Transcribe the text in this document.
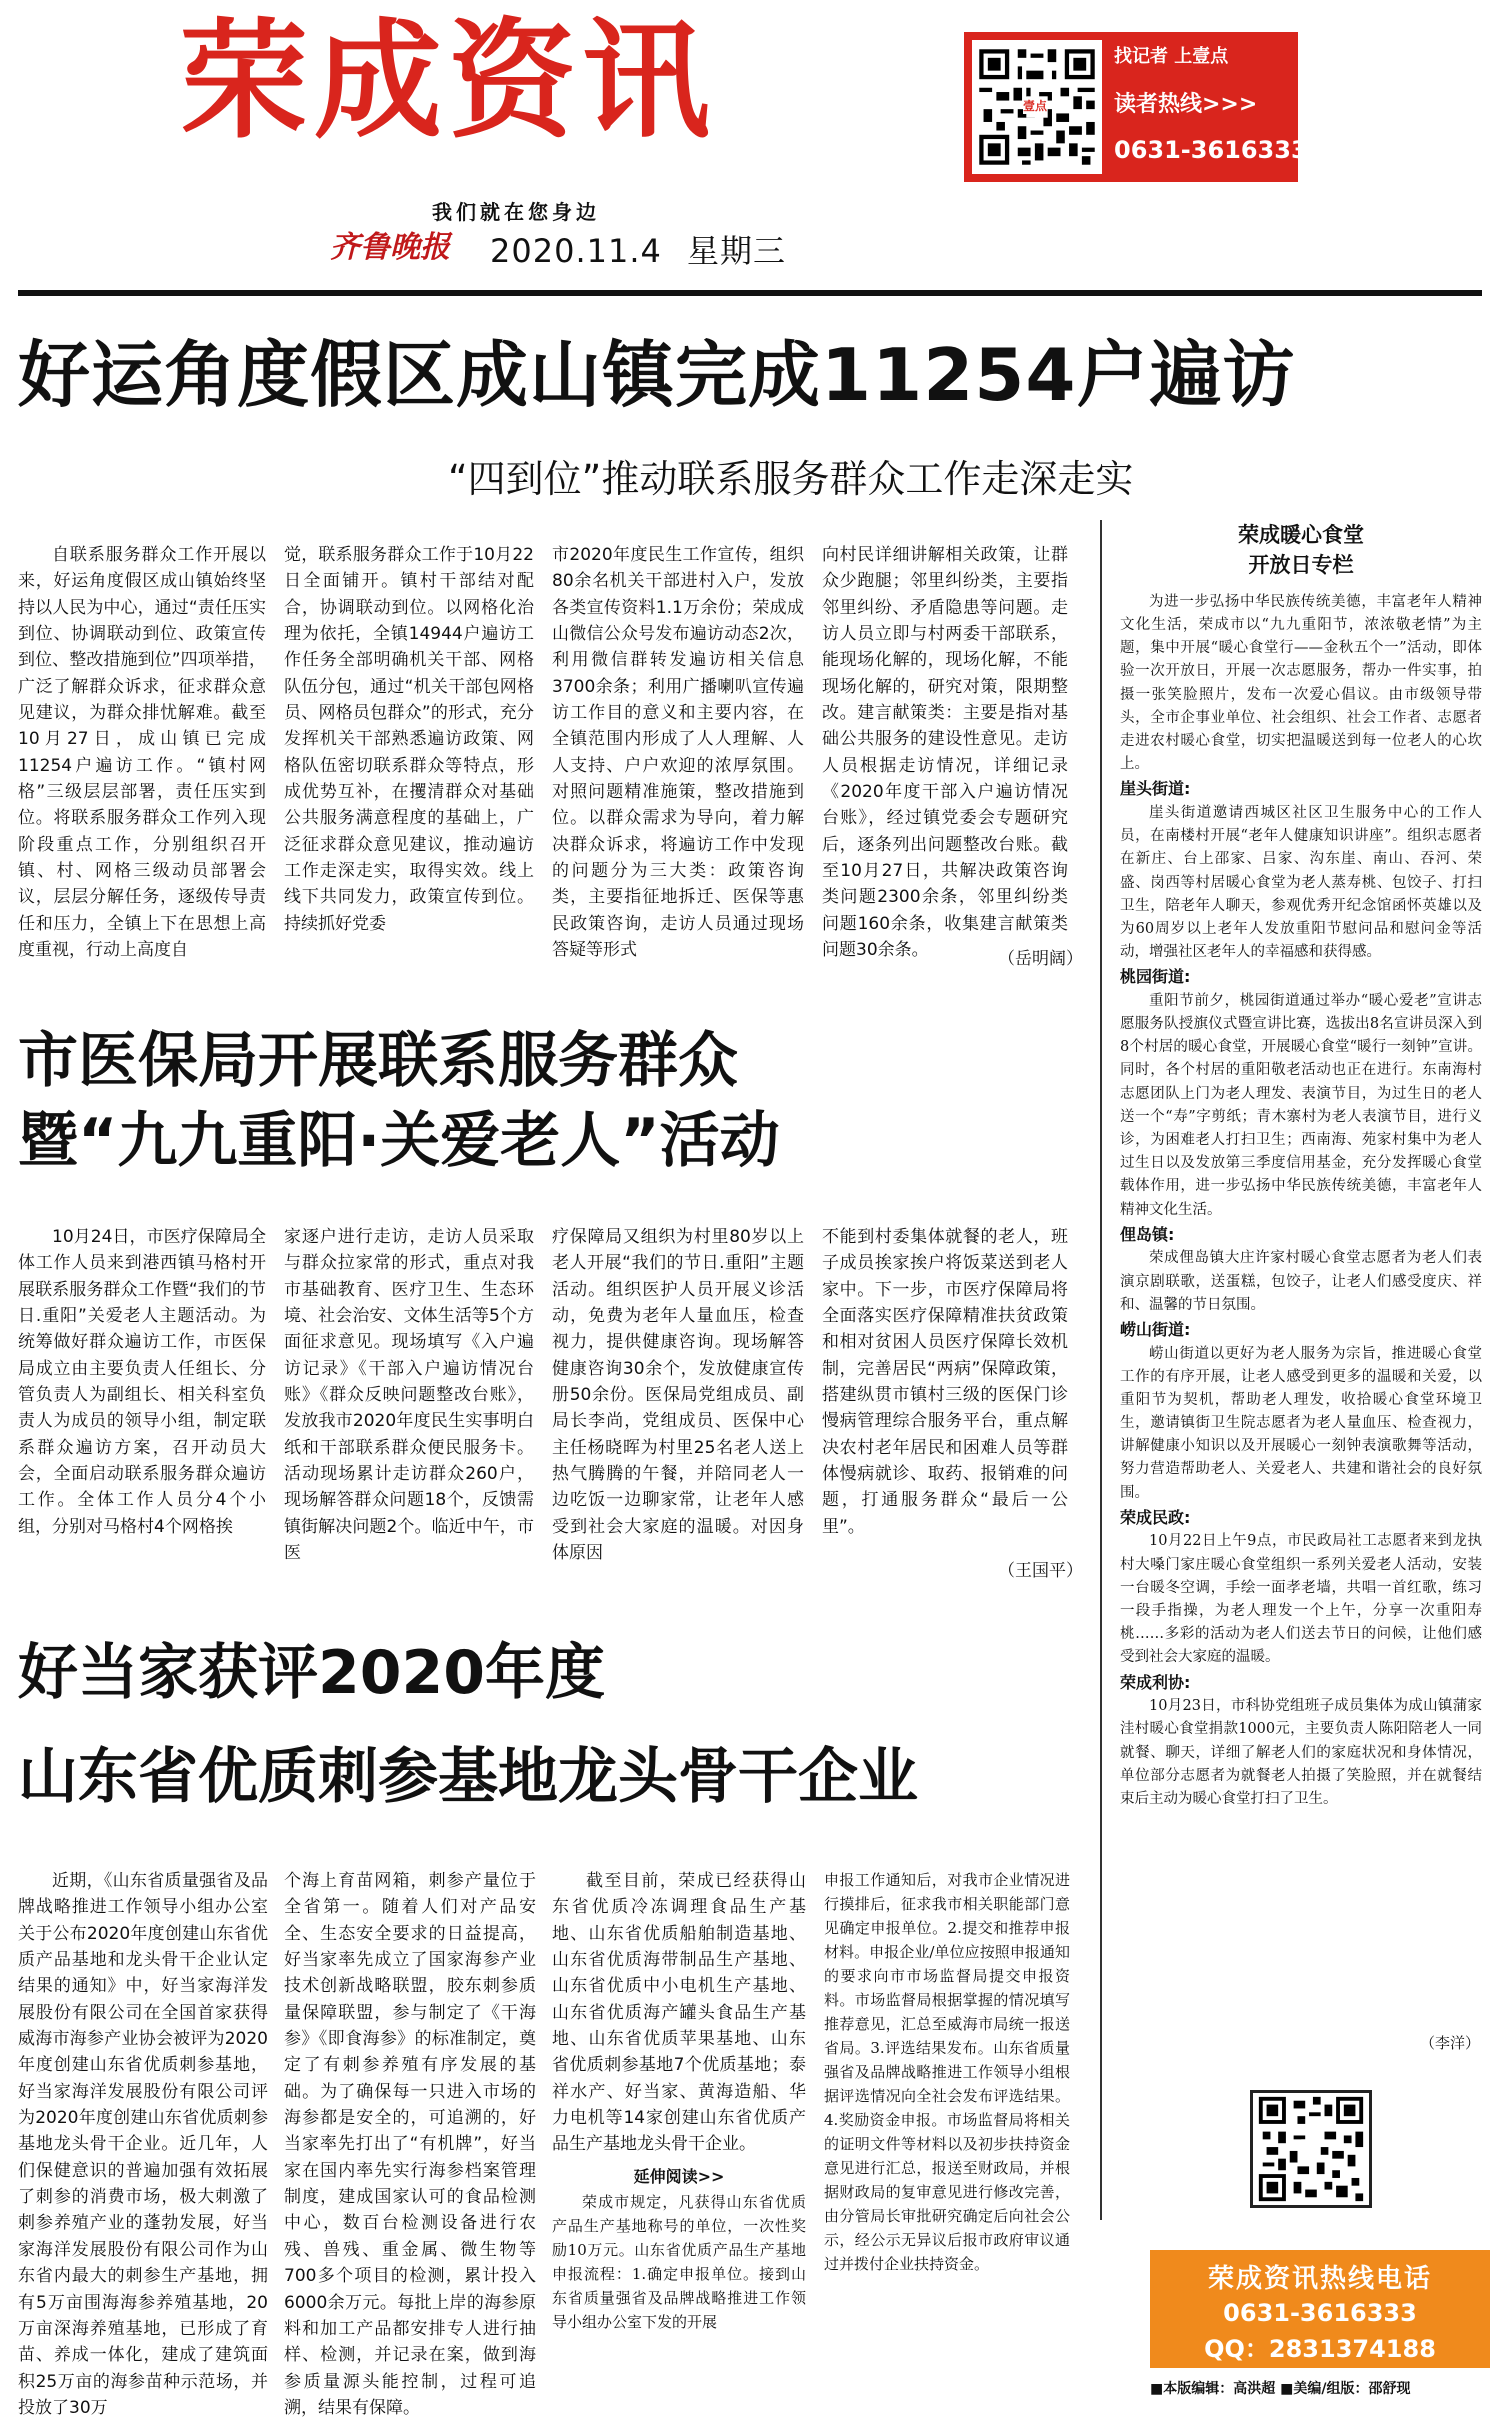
荣成资讯
我们就在您身边
齐鲁晚报 2020.11.4 星期三
壹点
找记者 上壹点
读者热线>>>
0631-3616333
好运角度假区成山镇完成11254户遍访
“四到位”推动联系服务群众工作走深走实

自联系服务群众工作开展以来，好运角度假区成山镇始终坚持以人民为中心，通过“责任压实到位、协调联动到位、政策宣传到位、整改措施到位”四项举措，广泛了解群众诉求，征求群众意见建议，为群众排忧解难。截至10月27日，成山镇已完成11254户遍访工作。“镇村网格”三级层层部署，责任压实到位。将联系服务群众工作列入现阶段重点工作，分别组织召开镇、村、网格三级动员部署会议，层层分解任务，逐级传导责任和压力，全镇上下在思想上高度重视，行动上高度自

觉，联系服务群众工作于10月22日全面铺开。镇村干部结对配合，协调联动到位。以网格化治理为依托，全镇14944户遍访工作任务全部明确机关干部、网格队伍分包，通过“机关干部包网格员、网格员包群众”的形式，充分发挥机关干部熟悉遍访政策、网格队伍密切联系群众等特点，形成优势互补，在攫清群众对基础公共服务满意程度的基础上，广泛征求群众意见建议，推动遍访工作走深走实，取得实效。线上线下共同发力，政策宣传到位。持续抓好党委

市2020年度民生工作宣传，组织80余名机关干部进村入户，发放各类宣传资料1.1万余份；荣成成山微信公众号发布遍访动态2次，利用微信群转发遍访相关信息3700余条；利用广播喇叭宣传遍访工作目的意义和主要内容，在全镇范围内形成了人人理解、人人支持、户户欢迎的浓厚氛围。对照问题精准施策，整改措施到位。以群众需求为导向，着力解决群众诉求，将遍访工作中发现的问题分为三大类：政策咨询类，主要指征地拆迁、医保等惠民政策咨询，走访人员通过现场答疑等形式

向村民详细讲解相关政策，让群众少跑腿；邻里纠纷类，主要指邻里纠纷、矛盾隐患等问题。走访人员立即与村两委干部联系，能现场化解的，现场化解，不能现场化解的，研究对策，限期整改。建言献策类：主要是指对基础公共服务的建设性意见。走访人员根据走访情况，详细记录《2020年度干部入户遍访情况台账》，经过镇党委会专题研究后，逐条列出问题整改台账。截至10月27日，共解决政策咨询类问题2300余条，邻里纠纷类问题160余条，收集建言献策类问题30余条。	（岳明阔）
市医保局开展联系服务群众
暨“九九重阳·关爱老人”活动

10月24日，市医疗保障局全体工作人员来到港西镇马格村开展联系服务群众工作暨“我们的节日.重阳”关爱老人主题活动。为统筹做好群众遍访工作，市医保局成立由主要负责人任组长、分管负责人为副组长、相关科室负责人为成员的领导小组，制定联系群众遍访方案，召开动员大会，全面启动联系服务群众遍访工作。全体工作人员分4个小组，分别对马格村4个网格挨

家逐户进行走访，走访人员采取与群众拉家常的形式，重点对我市基础教育、医疗卫生、生态环境、社会治安、文体生活等5个方面征求意见。现场填写《入户遍访记录》《干部入户遍访情况台账》《群众反映问题整改台账》，发放我市2020年度民生实事明白纸和干部联系群众便民服务卡。活动现场累计走访群众260户，现场解答群众问题18个，反馈需镇街解决问题2个。临近中午，市医

疗保障局又组织为村里80岁以上老人开展“我们的节日.重阳”主题活动。组织医护人员开展义诊活动，免费为老年人量血压，检查视力，提供健康咨询。现场解答健康咨询30余个，发放健康宣传册50余份。医保局党组成员、副局长李尚，党组成员、医保中心主任杨晓晖为村里25名老人送上热气腾腾的午餐，并陪同老人一边吃饭一边聊家常，让老年人感受到社会大家庭的温暖。对因身体原因

不能到村委集体就餐的老人，班子成员挨家挨户将饭菜送到老人家中。下一步，市医疗保障局将全面落实医疗保障精准扶贫政策和相对贫困人员医疗保障长效机制，完善居民“两病”保障政策，搭建纵贯市镇村三级的医保门诊慢病管理综合服务平台，重点解决农村老年居民和困难人员等群体慢病就诊、取药、报销难的问题，打通服务群众“最后一公里”。

（王国平）
好当家获评2020年度
山东省优质刺参基地龙头骨干企业

近期，《山东省质量强省及品牌战略推进工作领导小组办公室关于公布2020年度创建山东省优质产品基地和龙头骨干企业认定结果的通知》中，好当家海洋发展股份有限公司在全国首家获得威海市海参产业协会被评为2020年度创建山东省优质刺参基地，好当家海洋发展股份有限公司评为2020年度创建山东省优质刺参基地龙头骨干企业。近几年，人们保健意识的普遍加强有效拓展了刺参的消费市场，极大刺激了刺参养殖产业的蓬勃发展，好当家海洋发展股份有限公司作为山东省内最大的刺参生产基地，拥有5万亩围海海参养殖基地，20万亩深海养殖基地，已形成了育苗、养成一体化，建成了建筑面积25万亩的海参苗种示范场，并投放了30万

个海上育苗网箱，刺参产量位于全省第一。随着人们对产品安全、生态安全要求的日益提高，好当家率先成立了国家海参产业技术创新战略联盟，胶东刺参质量保障联盟，参与制定了《干海参》《即食海参》的标准制定，奠定了有刺参养殖有序发展的基础。为了确保每一只进入市场的海参都是安全的，可追溯的，好当家率先打出了“有机牌”，好当家在国内率先实行海参档案管理制度，建成国家认可的食品检测中心，数百台检测设备进行农残、兽残、重金属、微生物等700多个项目的检测，累计投入6000余万元。每批上岸的海参原料和加工产品都安排专人进行抽样、检测，并记录在案，做到海参质量源头能控制，过程可追溯，结果有保障。

截至目前，荣成已经获得山东省优质冷冻调理食品生产基地、山东省优质船舶制造基地、山东省优质海带制品生产基地、山东省优质中小电机生产基地、山东省优质海产罐头食品生产基地、山东省优质苹果基地、山东省优质刺参基地7个优质基地；泰祥水产、好当家、黄海造船、华力电机等14家创建山东省优质产品生产基地龙头骨干企业。

延伸阅读>>

荣成市规定，凡获得山东省优质产品生产基地称号的单位，一次性奖励10万元。山东省优质产品生产基地申报流程：1.确定申报单位。接到山东省质量强省及品牌战略推进工作领导小组办公室下发的开展

申报工作通知后，对我市企业情况进行摸排后，征求我市相关职能部门意见确定申报单位。2.提交和推荐申报材料。申报企业/单位应按照申报通知的要求向市市场监督局提交申报资料。市场监督局根据掌握的情况填写推荐意见，汇总至威海市局统一报送省局。3.评选结果发布。山东省质量强省及品牌战略推进工作领导小组根据评选情况向全社会发布评选结果。4.奖励资金申报。市场监督局将相关的证明文件等材料以及初步扶持资金意见进行汇总，报送至财政局，并根据财政局的复审意见进行修改完善，由分管局长审批研究确定后向社会公示，经公示无异议后报市政府审议通过并拨付企业扶持资金。

荣成暖心食堂
开放日专栏

为进一步弘扬中华民族传统美德，丰富老年人精神文化生活，荣成市以“九九重阳节，浓浓敬老情”为主题，集中开展“暖心食堂行——金秋五个一”活动，即体验一次开放日，开展一次志愿服务，帮办一件实事，拍摄一张笑脸照片，发布一次爱心倡议。由市级领导带头，全市企事业单位、社会组织、社会工作者、志愿者走进农村暖心食堂，切实把温暖送到每一位老人的心坎上。

崖头街道:

崖头街道邀请西城区社区卫生服务中心的工作人员，在南楼村开展“老年人健康知识讲座”。组织志愿者在新庄、台上邵家、吕家、沟东崖、南山、吞河、荣盛、岗西等村居暖心食堂为老人蒸寿桃、包饺子、打扫卫生，陪老年人聊天，参观优秀开纪念馆函怀英雄以及为60周岁以上老年人发放重阳节慰问品和慰问金等活动，增强社区老年人的幸福感和获得感。

桃园街道:

重阳节前夕，桃园街道通过举办“暖心爱老”宣讲志愿服务队授旗仪式暨宣讲比赛，选拔出8名宣讲员深入到8个村居的暖心食堂，开展暖心食堂“暖行一刻钟”宣讲。同时，各个村居的重阳敬老活动也正在进行。东南海村志愿团队上门为老人理发、表演节目，为过生日的老人送一个“寿”字剪纸；青木寨村为老人表演节目，进行义诊，为困难老人打扫卫生；西南海、苑家村集中为老人过生日以及发放第三季度信用基金，充分发挥暖心食堂载体作用，进一步弘扬中华民族传统美德，丰富老年人精神文化生活。

俚岛镇:

荣成俚岛镇大庄许家村暖心食堂志愿者为老人们表演京剧联歌，送蛋糕，包饺子，让老人们感受度庆、祥和、温馨的节日氛围。

崂山街道:

崂山街道以更好为老人服务为宗旨，推进暖心食堂工作的有序开展，让老人感受到更多的温暖和关爱，以重阳节为契机，帮助老人理发，收拾暖心食堂环境卫生，邀请镇街卫生院志愿者为老人量血压、检查视力，讲解健康小知识以及开展暖心一刻钟表演歌舞等活动，努力营造帮助老人、关爱老人、共建和谐社会的良好氛围。

荣成民政:

10月22日上午9点，市民政局社工志愿者来到龙执村大嗓门家庄暖心食堂组织一系列关爱老人活动，安装一台暖冬空调，手绘一面孝老墙，共唱一首红歌，练习一段手指操，为老人理发一个上午，分享一次重阳寿桃……多彩的活动为老人们送去节日的问候，让他们感受到社会大家庭的温暖。

荣成利协:

10月23日，市科协党组班子成员集体为成山镇蒲家洼村暖心食堂捐款1000元，主要负责人陈阳陪老人一同就餐、聊天，详细了解老人们的家庭状况和身体情况，单位部分志愿者为就餐老人拍摄了笑脸照，并在就餐结束后主动为暖心食堂打扫了卫生。

（李洋）
荣成资讯热线电话
0631-3616333
QQ：2831374188
■本版编辑：高洪超 ■美编/组版：邵舒现
